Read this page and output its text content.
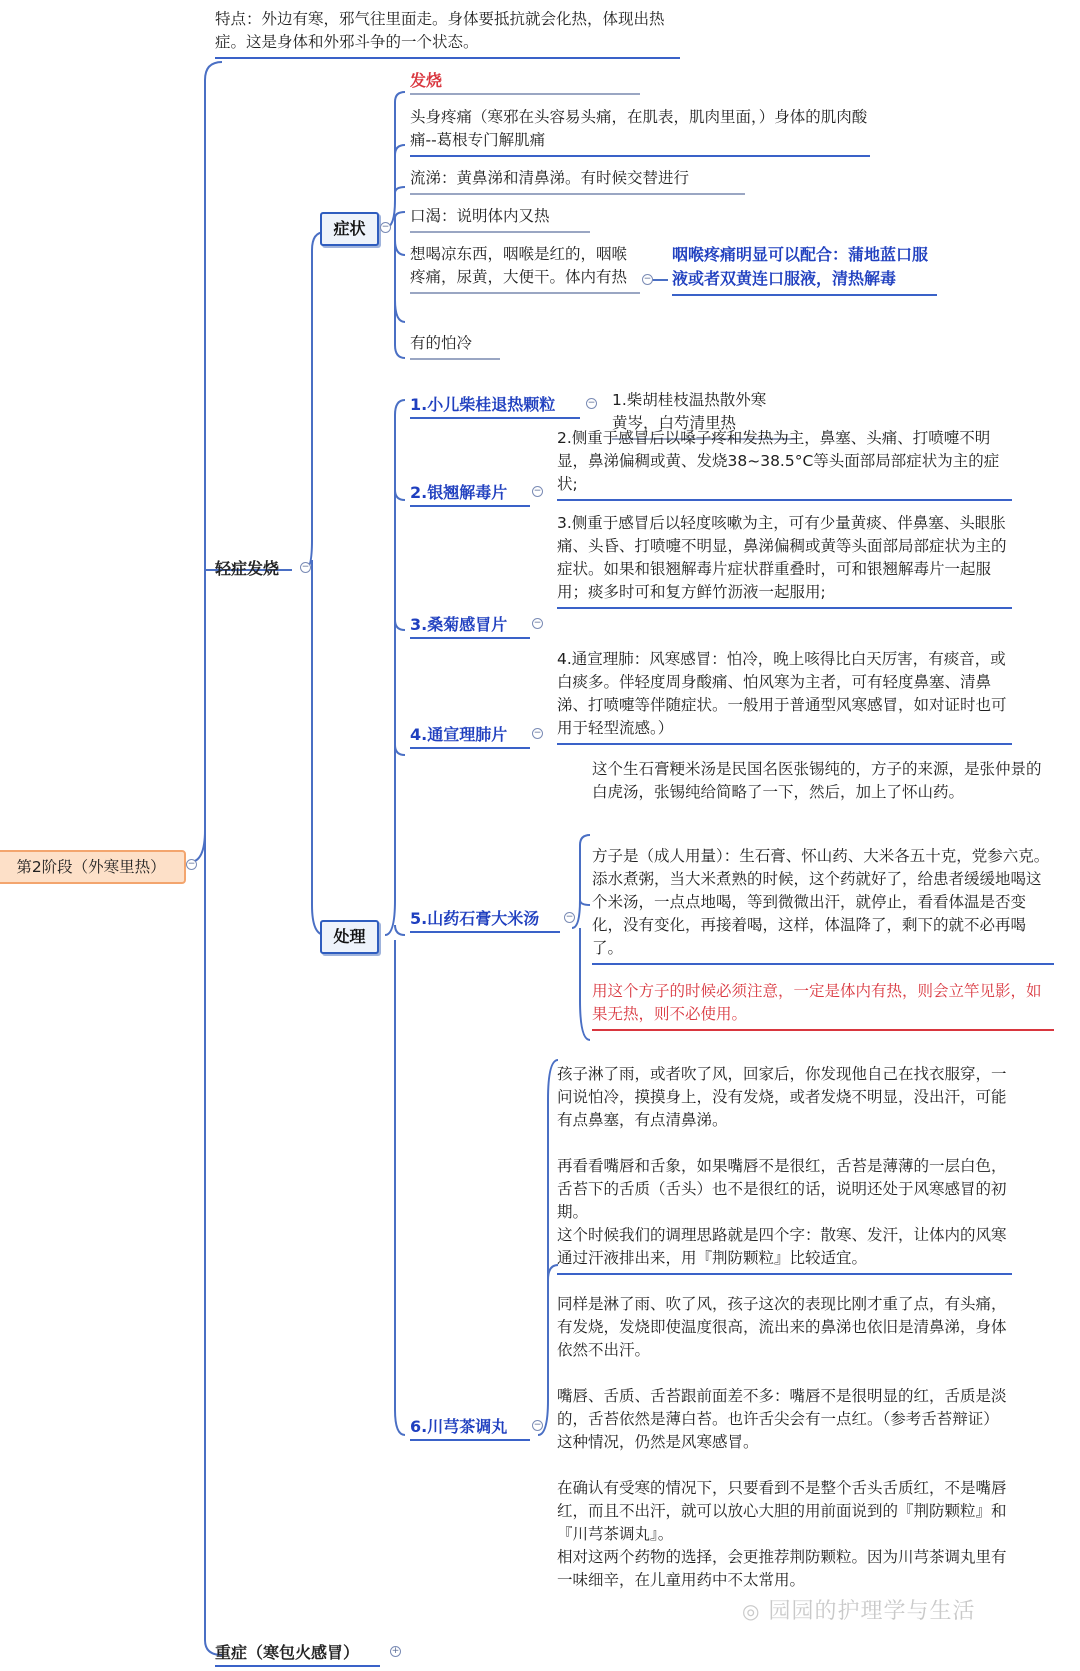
第2阶段（外寒里热）	−
特点：外边有寒，邪气往里面走。身体要抵抗就会化热，体现出热症。这是身体和外邪斗争的一个状态。
轻症发烧	−
重症（寒包火感冒）	+
症状	−
发烧
头身疼痛（寒邪在头容易头痛，在肌表，肌肉里面，）身体的肌肉酸痛--葛根专门解肌痛
流涕：黄鼻涕和清鼻涕。有时候交替进行
口渴：说明体内又热
想喝凉东西，咽喉是红的，咽喉疼痛，尿黄，大便干。体内有热	−
咽喉疼痛明显可以配合：蒲地蓝口服液或者双黄连口服液，清热解毒
有的怕冷
处理
1.小儿柴桂退热颗粒	− 1.柴胡桂枝温热散外寒
黄岑，白芍清里热

2.银翘解毒片	−
2.侧重于感冒后以嗓子疼和发热为主，鼻塞、头痛、打喷嚏不明显，鼻涕偏稠或黄、发烧38~38.5°C等头面部局部症状为主的症状;
3.桑菊感冒片	−
3.侧重于感冒后以轻度咳嗽为主，可有少量黄痰、伴鼻塞、头眼胀痛、头昏、打喷嚏不明显，鼻涕偏稠或黄等头面部局部症状为主的症状。如果和银翘解毒片症状群重叠时，可和银翘解毒片一起服用；痰多时可和复方鲜竹沥液一起服用;
4.通宣理肺片	−
4.通宣理肺：风寒感冒：怕冷，晚上咳得比白天厉害，有痰音，或白痰多。伴轻度周身酸痛、怕风寒为主者，可有轻度鼻塞、清鼻涕、打喷嚏等伴随症状。一般用于普通型风寒感冒，如对证时也可用于轻型流感。）
5.山药石膏大米汤	−
这个生石膏粳米汤是民国名医张锡纯的，方子的来源，是张仲景的白虎汤，张锡纯给简略了一下，然后，加上了怀山药。
方子是（成人用量）：生石膏、怀山药、大米各五十克，党参六克。添水煮粥，当大米煮熟的时候，这个药就好了，给患者缓缓地喝这个米汤，一点点地喝，等到微微出汗，就停止，看看体温是否变化，没有变化，再接着喝，这样，体温降了，剩下的就不必再喝了。
用这个方子的时候必须注意，一定是体内有热，则会立竿见影，如果无热，则不必使用。

孩子淋了雨，或者吹了风，回家后，你发现他自己在找衣服穿，一问说怕冷，摸摸身上，没有发烧，或者发烧不明显，没出汗，可能有点鼻塞，有点清鼻涕。

再看看嘴唇和舌象，如果嘴唇不是很红，舌苔是薄薄的一层白色，舌苔下的舌质（舌头）也不是很红的话，说明还处于风寒感冒的初期。
这个时候我们的调理思路就是四个字：散寒、发汗，让体内的风寒通过汗液排出来，用『荆防颗粒』比较适宜。

6.川芎茶调丸	−

同样是淋了雨、吹了风，孩子这次的表现比刚才重了点，有头痛，有发烧，发烧即使温度很高，流出来的鼻涕也依旧是清鼻涕，身体依然不出汗。

嘴唇、舌质、舌苔跟前面差不多：嘴唇不是很明显的红，舌质是淡的，舌苔依然是薄白苔。也许舌尖会有一点红。（参考舌苔辩证）
这种情况，仍然是风寒感冒。

在确认有受寒的情况下，只要看到不是整个舌头舌质红，不是嘴唇红，而且不出汗，就可以放心大胆的用前面说到的『荆防颗粒』和『川芎茶调丸』。
相对这两个药物的选择，会更推荐荆防颗粒。因为川芎茶调丸里有一味细辛，在儿童用药中不太常用。

◎ 园园的护理学与生活
